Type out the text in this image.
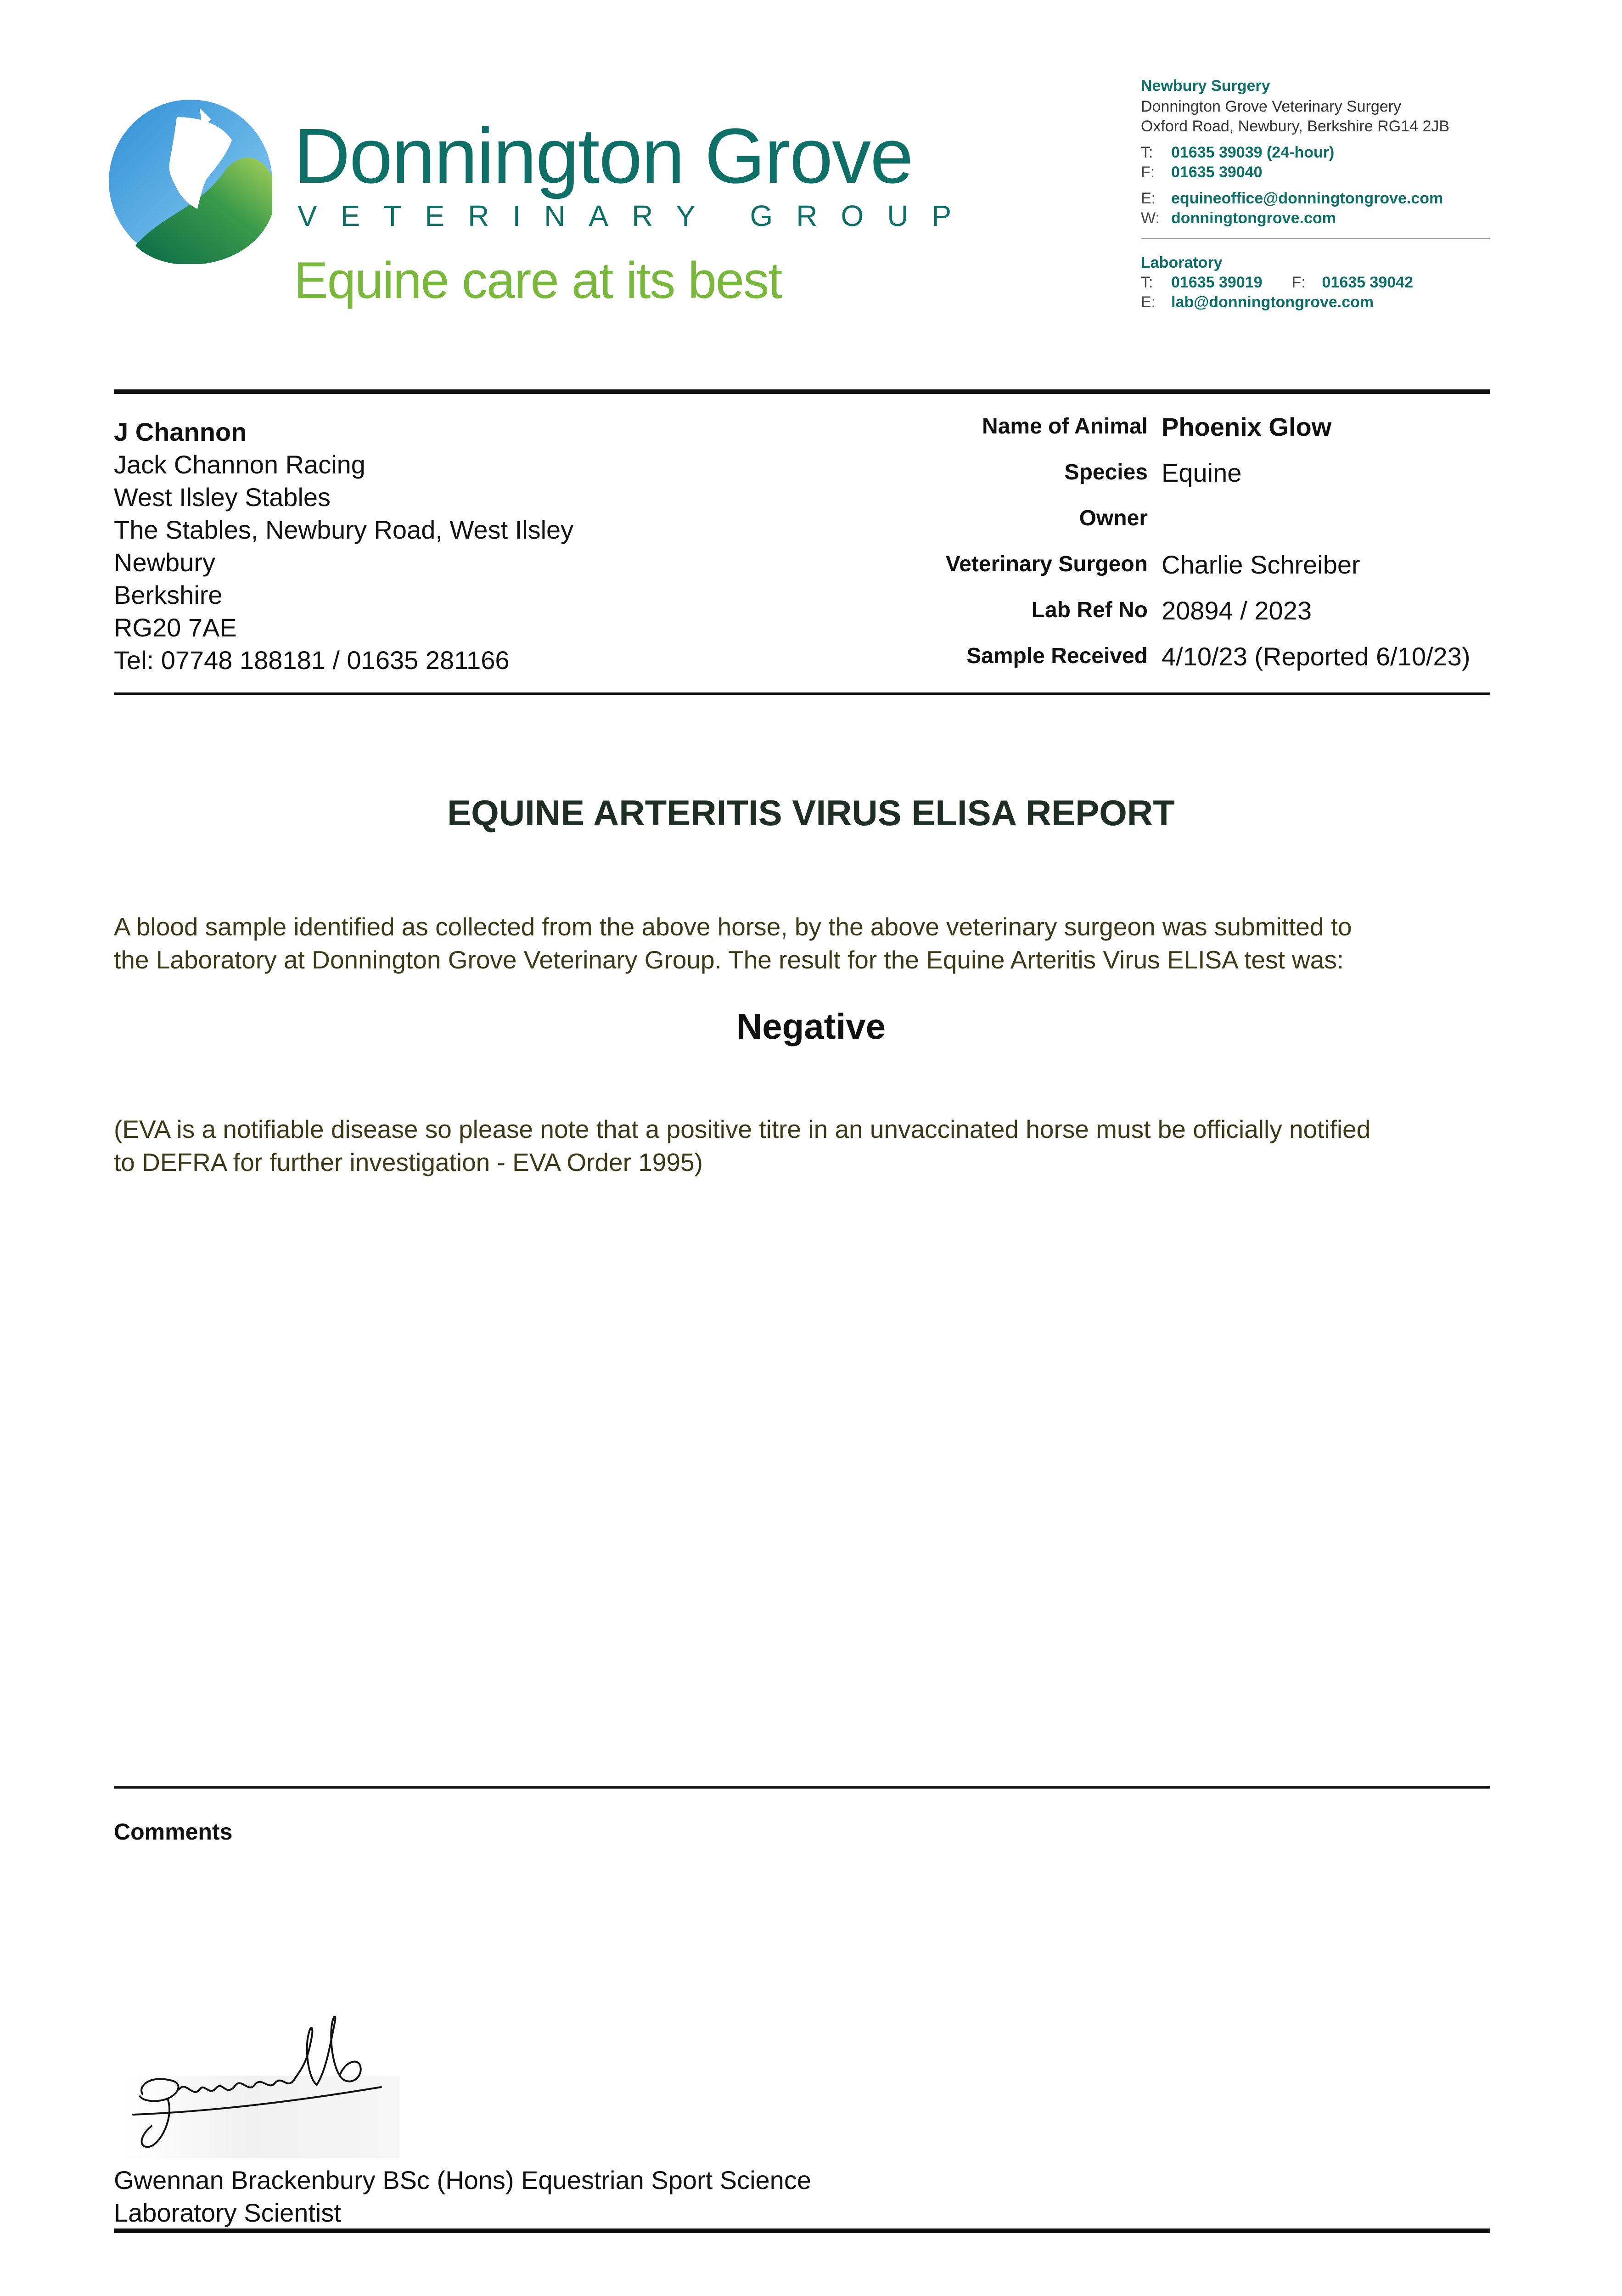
Donnington Grove
VETERINARY GROUP
Equine care at its best
Newbury Surgery
Donnington Grove Veterinary Surgery
Oxford Road, Newbury, Berkshire RG14 2JB
T: 01635 39039 (24-hour)
F: 01635 39040
E: equineoffice@donningtongrove.com
W: donningtongrove.com
Laboratory
T: 01635 39019 F: 01635 39042
E: lab@donningtongrove.com
J Channon
Jack Channon Racing
West Ilsley Stables
The Stables, Newbury Road, West Ilsley
Newbury
Berkshire
RG20 7AE
Tel: 07748 188181 / 01635 281166
Name of Animal Phoenix Glow
Species Equine
Owner
Veterinary Surgeon Charlie Schreiber
Lab Ref No 20894 / 2023
Sample Received 4/10/23 (Reported 6/10/23)
EQUINE ARTERITIS VIRUS ELISA REPORT
A blood sample identified as collected from the above horse, by the above veterinary surgeon was submitted to
the Laboratory at Donnington Grove Veterinary Group. The result for the Equine Arteritis Virus ELISA test was:
Negative
(EVA is a notifiable disease so please note that a positive titre in an unvaccinated horse must be officially notified
to DEFRA for further investigation - EVA Order 1995)
Comments
Gwennan Brackenbury BSc (Hons) Equestrian Sport Science
Laboratory Scientist
